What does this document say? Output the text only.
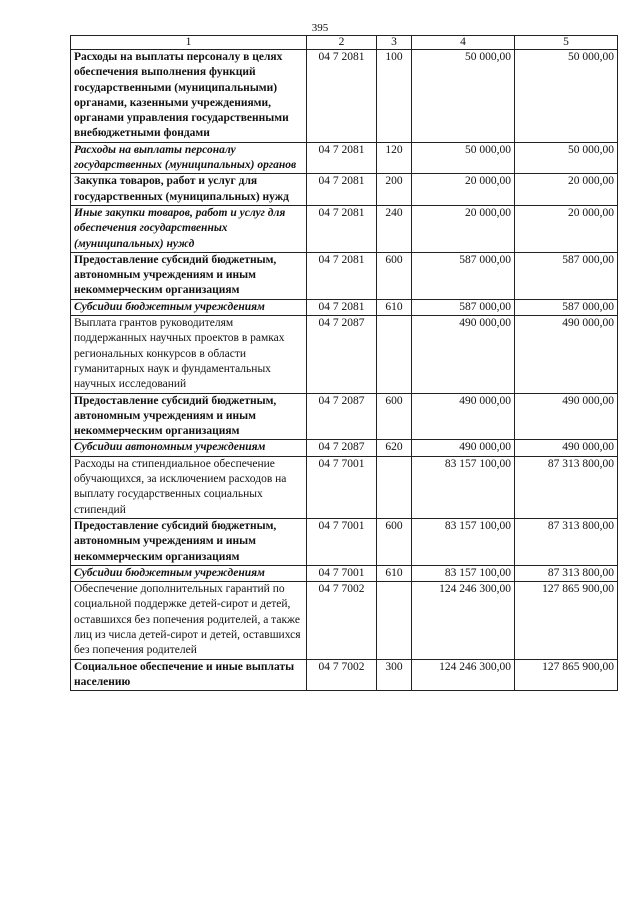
395
1	2	3	4	5
Расходы на выплаты персоналу в целях обеспечения выполнения функций государственными (муниципальными) органами, казенными учреждениями, органами управления государственными внебюджетными фондами	04 7 2081	100	50 000,00	50 000,00
Расходы на выплаты персоналу государственных (муниципальных) органов	04 7 2081	120	50 000,00	50 000,00
Закупка товаров, работ и услуг для государственных (муниципальных) нужд	04 7 2081	200	20 000,00	20 000,00
Иные закупки товаров, работ и услуг для обеспечения государственных (муниципальных) нужд	04 7 2081	240	20 000,00	20 000,00
Предоставление субсидий бюджетным, автономным учреждениям и иным некоммерческим организациям	04 7 2081	600	587 000,00	587 000,00
Субсидии бюджетным учреждениям	04 7 2081	610	587 000,00	587 000,00
Выплата грантов руководителям поддержанных научных проектов в рамках региональных конкурсов в области гуманитарных наук и фундаментальных научных исследований	04 7 2087		490 000,00	490 000,00
Предоставление субсидий бюджетным, автономным учреждениям и иным некоммерческим организациям	04 7 2087	600	490 000,00	490 000,00
Субсидии автономным учреждениям	04 7 2087	620	490 000,00	490 000,00
Расходы на стипендиальное обеспечение обучающихся, за исключением расходов на выплату государственных социальных стипендий	04 7 7001		83 157 100,00	87 313 800,00
Предоставление субсидий бюджетным, автономным учреждениям и иным некоммерческим организациям	04 7 7001	600	83 157 100,00	87 313 800,00
Субсидии бюджетным учреждениям	04 7 7001	610	83 157 100,00	87 313 800,00
Обеспечение дополнительных гарантий по социальной поддержке детей-сирот и детей, оставшихся без попечения родителей, а также лиц из числа детей-сирот и детей, оставшихся без попечения родителей	04 7 7002		124 246 300,00	127 865 900,00
Социальное обеспечение и иные выплаты населению	04 7 7002	300	124 246 300,00	127 865 900,00
